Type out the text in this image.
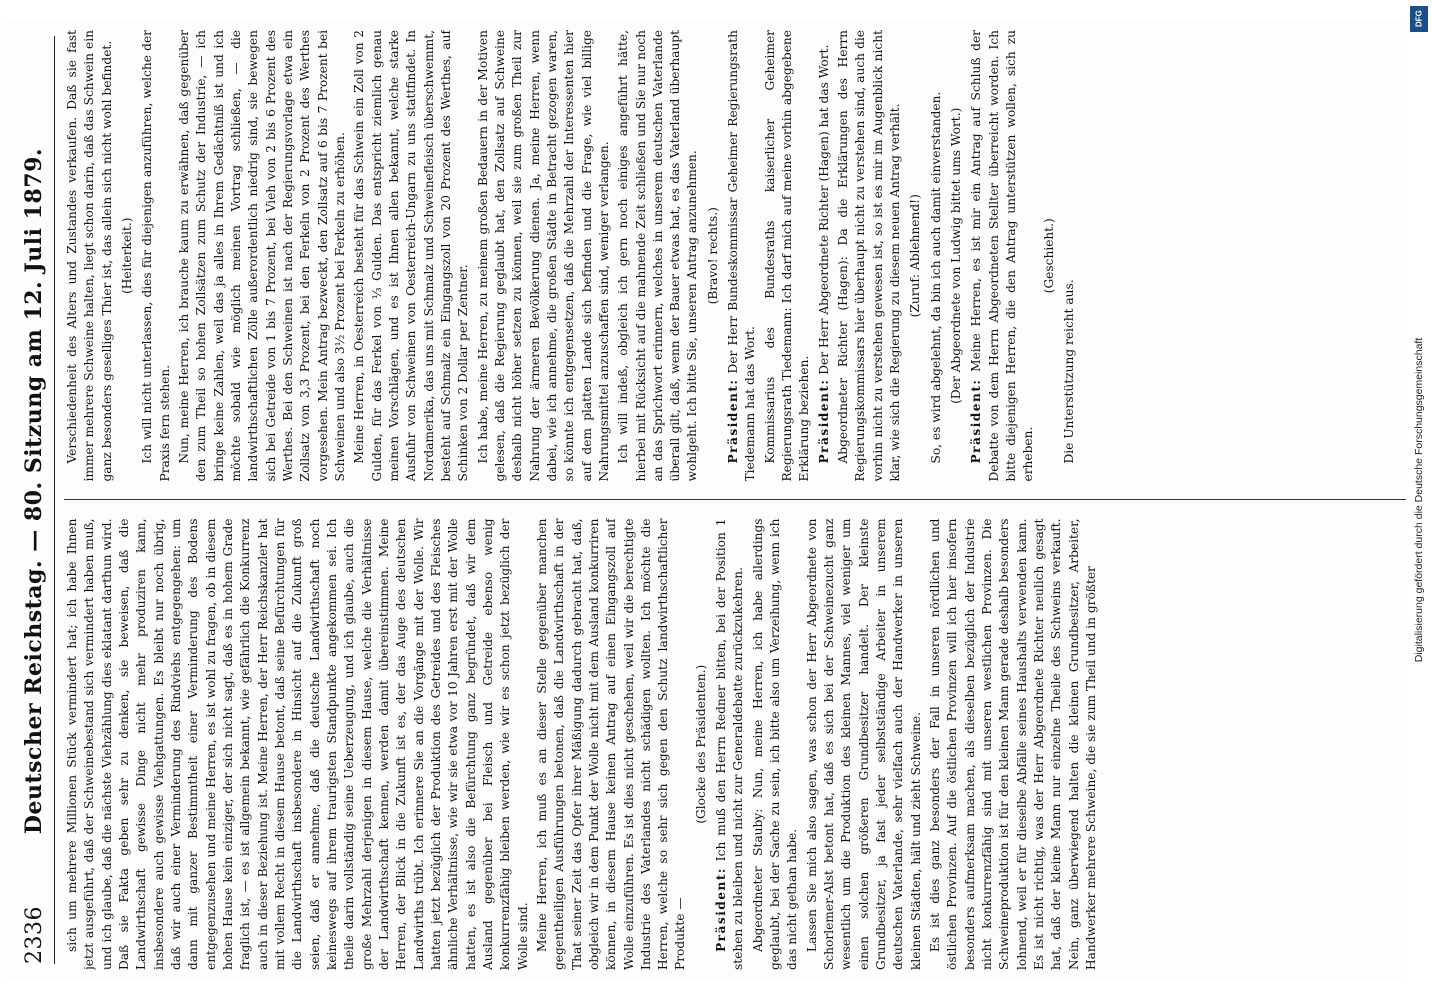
2336
Deutscher Reichstag. — 80. Sitzung am 12. Juli 1879. sich um mehrere Millionen Stück vermindert hat; ich habe Ihnen jetzt ausgeführt, daß der Schweinebestand sich vermindert haben muß, und ich glaube, daß die nächste Viehzählung dies eklatant darthun wird. Daß sie Fakta geben sehr zu denken, sie beweisen, daß die Landwirthschaft gewisse Dinge nicht mehr produziren kann, insbesondere auch gewisse Viehgattungen. Es bleibt nur noch übrig, daß wir auch einer Verminderung des Rindviehs entgegengehen: um dann mit ganzer Bestimmtheit einer Verminderung des Bodens entgegenzusehen und meine Herren, es ist wohl zu fragen, ob in diesem hohen Hause kein einziger, der sich nicht sagt, daß es in hohem Grade fraglich ist, — es ist allgemein bekannt, wie gefährlich die Konkurrenz auch in dieser Beziehung ist. Meine Herren, der Herr Reichskanzler hat mit vollem Recht in diesem Hause betont, daß seine Befürchtungen für die Landwirthschaft insbesondere in Hinsicht auf die Zukunft groß seien, daß er annehme, daß die deutsche Landwirthschaft noch keineswegs auf ihrem traurigsten Standpunkte angekommen sei. Ich theile darin vollständig seine Ueberzeugung, und ich glaube, auch die große Mehrzahl derjenigen in diesem Hause, welche die Verhältnisse der Landwirthschaft kennen, werden damit übereinstimmen. Meine Herren, der Blick in die Zukunft ist es, der das Auge des deutschen Landwirths trübt. Ich erinnere Sie an die Vorgänge mit der Wolle. Wir hatten jetzt bezüglich der Produktion des Getreides und des Fleisches ähnliche Verhältnisse, wie wir sie etwa vor 10 Jahren erst mit der Wolle hatten, es ist also die Befürchtung ganz begründet, daß wir dem Ausland gegenüber bei Fleisch und Getreide ebenso wenig konkurrenzfähig bleiben werden, wie wir es schon jetzt bezüglich der Wolle sind. Meine Herren, ich muß es an dieser Stelle gegenüber manchen gegentheiligen Ausführungen betonen, daß die Landwirthschaft in der That seiner Zeit das Opfer ihrer Mäßigung dadurch gebracht hat, daß, obgleich wir in dem Punkt der Wolle nicht mit dem Ausland konkurriren können, in diesem Hause keinen Antrag auf einen Eingangszoll auf Wolle einzuführen. Es ist dies nicht geschehen, weil wir die berechtigte Industrie des Vaterlandes nicht schädigen wollten. Ich möchte die Herren, welche so sehr sich gegen den Schutz landwirthschaftlicher Produkte —

(Glocke des Präsidenten.)

Präsident: Ich muß den Herrn Redner bitten, bei der Position 1 stehen zu bleiben und nicht zur Generaldebatte zurückzukehren. Abgeordneter Stauby: Nun, meine Herren, ich habe allerdings geglaubt, bei der Sache zu sein, ich bitte also um Verzeihung, wenn ich das nicht gethan habe. Lassen Sie mich also sagen, was schon der Herr Abgeordnete von Schorlemer-Alst betont hat, daß es sich bei der Schweinezucht ganz wesentlich um die Produktion des kleinen Mannes, viel weniger um einen solchen größeren Grundbesitzer handelt. Der kleinste Grundbesitzer, ja fast jeder selbstständige Arbeiter in unserem deutschen Vaterlande, sehr vielfach auch der Handwerker in unseren kleinen Städten, hält und zieht Schweine. Es ist dies ganz besonders der Fall in unseren nördlichen und östlichen Provinzen. Auf die östlichen Provinzen will ich hier insofern besonders aufmerksam machen, als dieselben bezüglich der Industrie nicht konkurrenzfähig sind mit unseren westlichen Provinzen. Die Schweineproduktion ist für den kleinen Mann gerade deshalb besonders lohnend, weil er für dieselbe Abfälle seines Haushalts verwenden kann. Es ist nicht richtig, was der Herr Abgeordnete Richter neulich gesagt hat, daß der kleine Mann nur einzelne Theile des Schweins verkauft. Nein, ganz überwiegend halten die kleinen Grundbesitzer, Arbeiter, Handwerker mehrere Schweine, die sie zum Theil und in größter

Verschiedenheit des Alters und Zustandes verkaufen. Daß sie fast immer mehrere Schweine halten, liegt schon darin, daß das Schwein ein ganz besonders geselliges Thier ist, das allein sich nicht wohl befindet. (Heiterkeit.) Ich will nicht unterlassen, dies für diejenigen anzuführen, welche der Praxis fern stehen. Nun, meine Herren, ich brauche kaum zu erwähnen, daß gegenüber den zum Theil so hohen Zollsätzen zum Schutz der Industrie, — ich bringe keine Zahlen, weil das ja alles in Ihrem Gedächtniß ist und ich möchte sobald wie möglich meinen Vortrag schließen, — die landwirthschaftlichen Zölle außerordentlich niedrig sind, sie bewegen sich bei Getreide von 1 bis 7 Prozent, bei Vieh von 2 bis 6 Prozent des Werthes. Bei den Schweinen ist nach der Regierungsvorlage etwa ein Zollsatz von 3,3 Prozent, bei den Ferkeln von 2 Prozent des Werthes vorgesehen. Mein Antrag bezweckt, den Zollsatz auf 6 bis 7 Prozent bei Schweinen und also 3½ Prozent bei Ferkeln zu erhöhen. Meine Herren, in Oesterreich besteht für das Schwein ein Zoll von 2 Gulden, für das Ferkel von ⅓ Gulden. Das entspricht ziemlich genau meinen Vorschlägen, und es ist Ihnen allen bekannt, welche starke Ausfuhr von Schweinen von Oesterreich-Ungarn zu uns stattfindet. In Nordamerika, das uns mit Schmalz und Schweinefleisch überschwemmt, besteht auf Schmalz ein Eingangszoll von 20 Prozent des Werthes, auf Schinken von 2 Dollar per Zentner. Ich habe, meine Herren, zu meinem großen Bedauern in der Motiven gelesen, daß die Regierung geglaubt hat, den Zollsatz auf Schweine deshalb nicht höher setzen zu können, weil sie zum großen Theil zur Nahrung der ärmeren Bevölkerung dienen. Ja, meine Herren, wenn dabei, wie ich annehme, die großen Städte in Betracht gezogen waren, so könnte ich entgegensetzen, daß die Mehrzahl der Interessenten hier auf dem platten Lande sich befinden und die Frage, wie viel billige Nahrungsmittel anzuschaffen sind, weniger verlangen. Ich will indeß, obgleich ich gern noch einiges angeführt hätte, hierbei mit Rücksicht auf die mahnende Zeit schließen und Sie nur noch an das Sprichwort erinnern, welches in unserem deutschen Vaterlande überall gilt, daß, wenn der Bauer etwas hat, es das Vaterland überhaupt wohlgeht. Ich bitte Sie, unseren Antrag anzunehmen. (Bravo! rechts.)

Präsident: Der Herr Bundeskommissar Geheimer Regierungsrath Tiedemann hat das Wort. Kommissarius des Bundesraths kaiserlicher Geheimer Regierungsrath Tiedemann: Ich darf mich auf meine vorhin abgegebene Erklärung beziehen. Präsident: Der Herr Abgeordnete Richter (Hagen) hat das Wort. Abgeordneter Richter (Hagen): Da die Erklärungen des Herrn Regierungskommissars hier überhaupt nicht zu verstehen sind, auch die vorhin nicht zu verstehen gewesen ist, so ist es mir im Augenblick nicht klar, wie sich die Regierung zu diesem neuen Antrag verhält. (Zuruf: Ablehnend!) So, es wird abgelehnt, da bin ich auch damit einverstanden. (Der Abgeordnete von Ludwig bittet ums Wort.)

Präsident: Meine Herren, es ist mir ein Antrag auf Schluß der Debatte von dem Herrn Abgeordneten Stellter überreicht worden. Ich bitte diejenigen Herren, die den Antrag unterstützen wollen, sich zu erheben.

(Geschieht.)

Die Unterstützung reicht aus.

DFG
Digitalisierung gefördert durch die Deutsche Forschungsgemeinschaft
